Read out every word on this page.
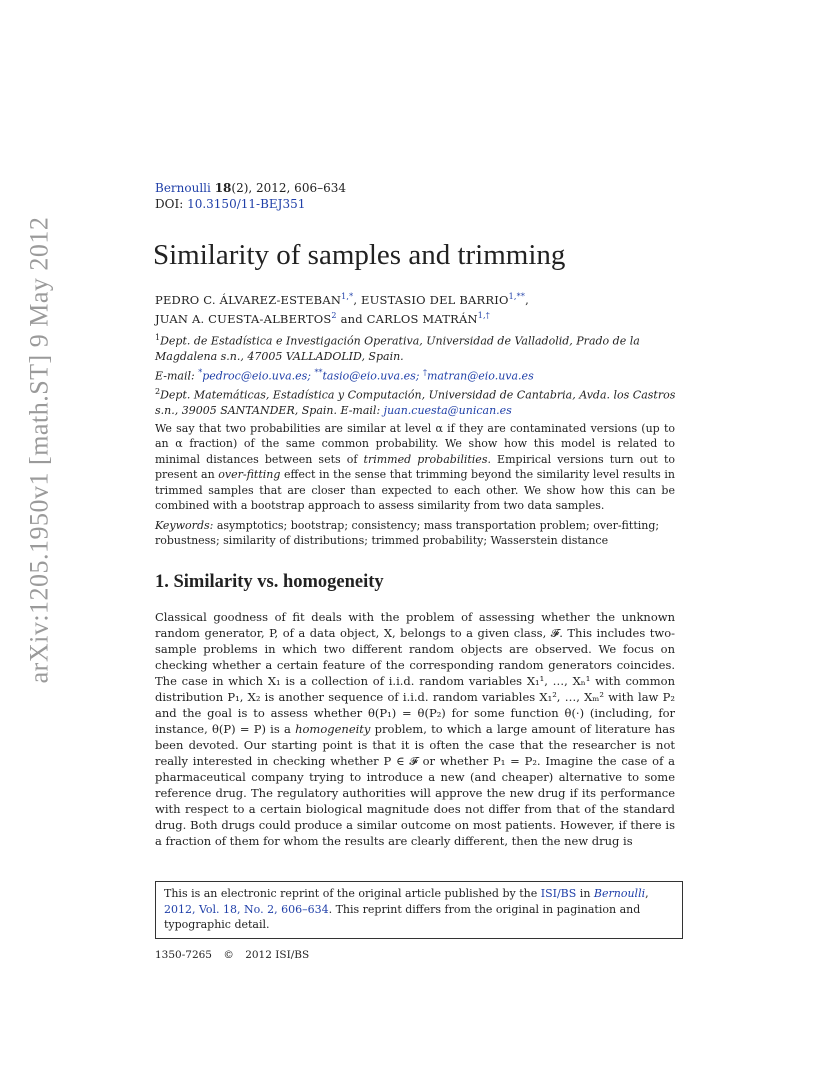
arXiv:1205.1950v1 [math.ST] 9 May 2012
Bernoulli 18(2), 2012, 606–634
DOI: 10.3150/11-BEJ351
Similarity of samples and trimming
PEDRO C. ÁLVAREZ-ESTEBAN$^{1,*}$, EUSTASIO DEL BARRIO$^{1,**}$,
JUAN A. CUESTA-ALBERTOS$^2$ and CARLOS MATRÁN$^{1,\dagger}$
$^1$Dept. de Estadística e Investigación Operativa, Universidad de Valladolid, Prado de la Magdalena s.n., 47005 VALLADOLID, Spain.
E-mail: *pedroc@eio.uva.es; **tasio@eio.uva.es; †matran@eio.uva.es
$^2$Dept. Matemáticas, Estadística y Computación, Universidad de Cantabria, Avda. los Castros s.n., 39005 SANTANDER, Spain. E-mail: juan.cuesta@unican.es

We say that two probabilities are similar at level α if they are contaminated versions (up to an α fraction) of the same common probability. We show how this model is related to minimal distances between sets of trimmed probabilities. Empirical versions turn out to present an over-fitting effect in the sense that trimming beyond the similarity level results in trimmed samples that are closer than expected to each other. We show how this can be combined with a bootstrap approach to assess similarity from two data samples.

Keywords: asymptotics; bootstrap; consistency; mass transportation problem; over-fitting; robustness; similarity of distributions; trimmed probability; Wasserstein distance

1. Similarity vs. homogeneity

Classical goodness of fit deals with the problem of assessing whether the unknown random generator, P, of a data object, X, belongs to a given class, 𝓕. This includes two-sample problems in which two different random objects are observed. We focus on checking whether a certain feature of the corresponding random generators coincides. The case in which X₁ is a collection of i.i.d. random variables X₁¹, …, Xₙ¹ with common distribution P₁, X₂ is another sequence of i.i.d. random variables X₁², …, Xₘ² with law P₂ and the goal is to assess whether θ(P₁) = θ(P₂) for some function θ(·) (including, for instance, θ(P) = P) is a homogeneity problem, to which a large amount of literature has been devoted. Our starting point is that it is often the case that the researcher is not really interested in checking whether P ∈ 𝓕 or whether P₁ = P₂. Imagine the case of a pharmaceutical company trying to introduce a new (and cheaper) alternative to some reference drug. The regulatory authorities will approve the new drug if its performance with respect to a certain biological magnitude does not differ from that of the standard drug. Both drugs could produce a similar outcome on most patients. However, if there is a fraction of them for whom the results are clearly different, then the new drug is

This is an electronic reprint of the original article published by the ISI/BS in Bernoulli, 2012, Vol. 18, No. 2, 606–634. This reprint differs from the original in pagination and typographic detail.
1350-7265 © 2012 ISI/BS
